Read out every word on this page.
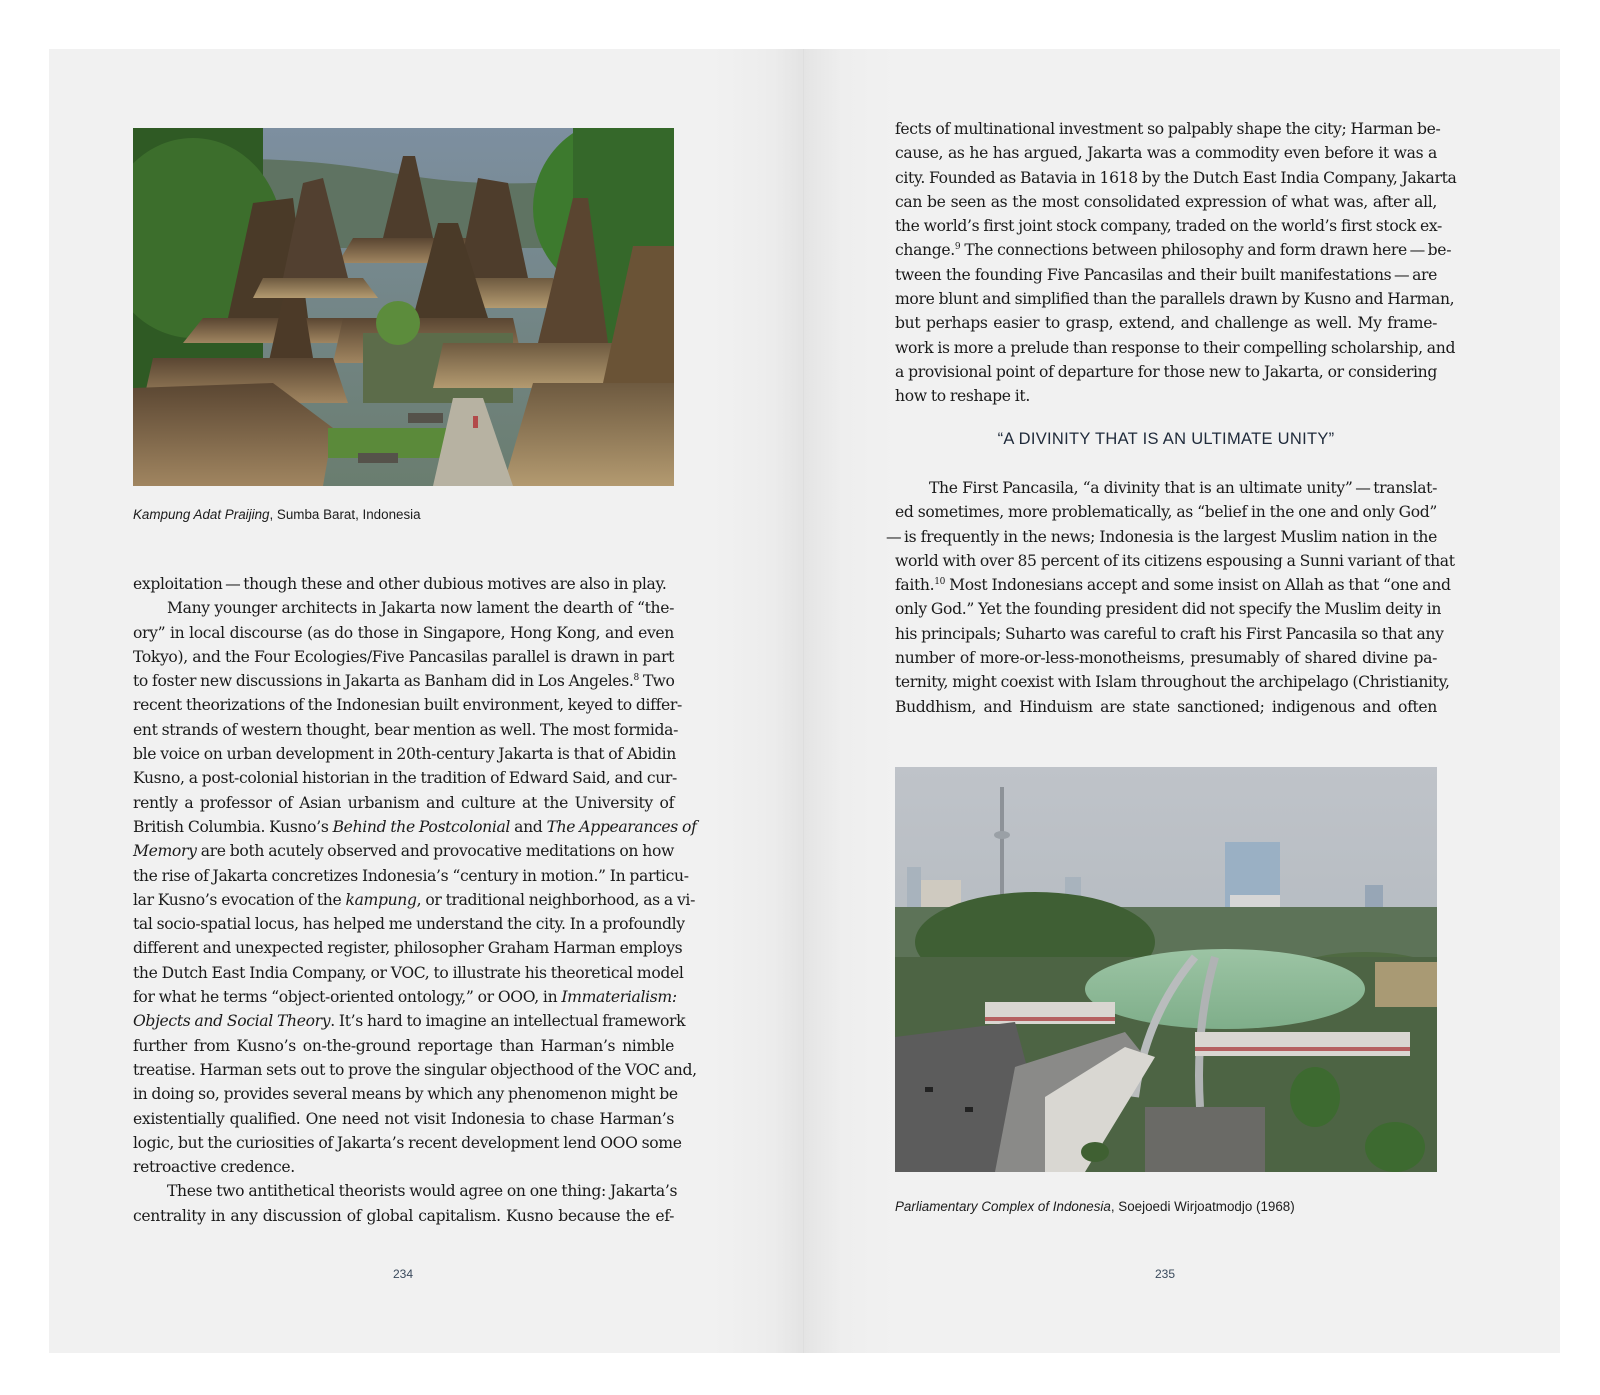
Kampung Adat Praijing, Sumba Barat, Indonesia
exploitation — though these and other dubious motives are also in play.
Many younger architects in Jakarta now lament the dearth of “the-
ory” in local discourse (as do those in Singapore, Hong Kong, and even
Tokyo), and the Four Ecologies/Five Pancasilas parallel is drawn in part
to foster new discussions in Jakarta as Banham did in Los Angeles.$^8$ Two
recent theorizations of the Indonesian built environment, keyed to differ-
ent strands of western thought, bear mention as well. The most formida-
ble voice on urban development in 20th-century Jakarta is that of Abidin
Kusno, a post-colonial historian in the tradition of Edward Said, and cur-
rently a professor of Asian urbanism and culture at the University of
British Columbia. Kusno’s Behind the Postcolonial and The Appearances of
Memory are both acutely observed and provocative meditations on how
the rise of Jakarta concretizes Indonesia’s “century in motion.” In particu-
lar Kusno’s evocation of the kampung, or traditional neighborhood, as a vi-
tal socio-spatial locus, has helped me understand the city. In a profoundly
different and unexpected register, philosopher Graham Harman employs
the Dutch East India Company, or VOC, to illustrate his theoretical model
for what he terms “object-oriented ontology,” or OOO, in Immaterialism:
Objects and Social Theory. It’s hard to imagine an intellectual framework
further from Kusno’s on-the-ground reportage than Harman’s nimble
treatise. Harman sets out to prove the singular objecthood of the VOC and,
in doing so, provides several means by which any phenomenon might be
existentially qualified. One need not visit Indonesia to chase Harman’s
logic, but the curiosities of Jakarta’s recent development lend OOO some
retroactive credence.
These two antithetical theorists would agree on one thing: Jakarta’s
centrality in any discussion of global capitalism. Kusno because the ef-
234
fects of multinational investment so palpably shape the city; Harman be-
cause, as he has argued, Jakarta was a commodity even before it was a
city. Founded as Batavia in 1618 by the Dutch East India Company, Jakarta
can be seen as the most consolidated expression of what was, after all,
the world’s first joint stock company, traded on the world’s first stock ex-
change.$^9$ The connections between philosophy and form drawn here — be-
tween the founding Five Pancasilas and their built manifestations — are
more blunt and simplified than the parallels drawn by Kusno and Harman,
but perhaps easier to grasp, extend, and challenge as well. My frame-
work is more a prelude than response to their compelling scholarship, and
a provisional point of departure for those new to Jakarta, or considering
how to reshape it.
“A DIVINITY THAT IS AN ULTIMATE UNITY”
The First Pancasila, “a divinity that is an ultimate unity” — translat-
ed sometimes, more problematically, as “belief in the one and only God”
— is frequently in the news; Indonesia is the largest Muslim nation in the
world with over 85 percent of its citizens espousing a Sunni variant of that
faith.$^{10}$ Most Indonesians accept and some insist on Allah as that “one and
only God.” Yet the founding president did not specify the Muslim deity in
his principals; Suharto was careful to craft his First Pancasila so that any
number of more-or-less-monotheisms, presumably of shared divine pa-
ternity, might coexist with Islam throughout the archipelago (Christianity,
Buddhism, and Hinduism are state sanctioned; indigenous and often
Parliamentary Complex of Indonesia, Soejoedi Wirjoatmodjo (1968)
235
